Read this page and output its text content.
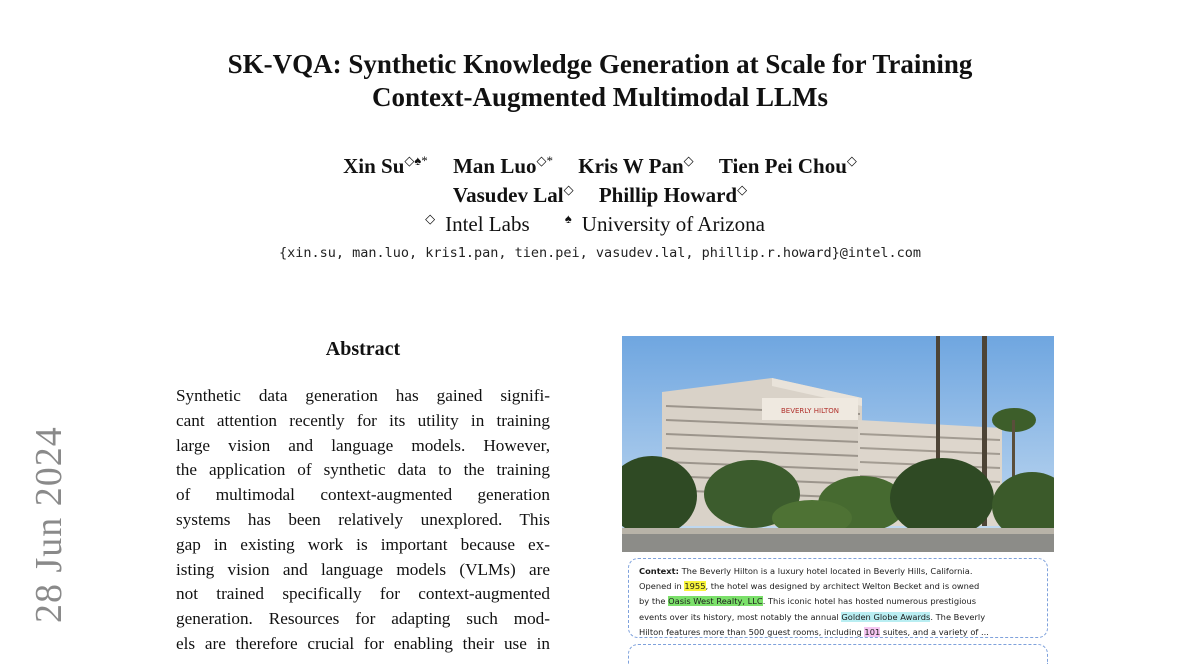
28 Jun 2024
SK-VQA: Synthetic Knowledge Generation at Scale for Training
Context-Augmented Multimodal LLMs
Xin Su◇♠* Man Luo◇* Kris W Pan◇ Tien Pei Chou◇
Vasudev Lal◇ Phillip Howard◇
◇ Intel Labs	♠ University of Arizona
{xin.su, man.luo, kris1.pan, tien.pei, vasudev.lal, phillip.r.howard}@intel.com
Abstract
Synthetic data generation has gained signifi-
cant attention recently for its utility in training
large vision and language models. However,
the application of synthetic data to the training
of multimodal context-augmented generation
systems has been relatively unexplored. This
gap in existing work is important because ex-
isting vision and language models (VLMs) are
not trained specifically for context-augmented
generation. Resources for adapting such mod-
els are therefore crucial for enabling their use in
BEVERLY HILTON
Context: The Beverly Hilton is a luxury hotel located in Beverly Hills, California.
Opened in 1955, the hotel was designed by architect Welton Becket and is owned
by the Oasis West Realty, LLC. This iconic hotel has hosted numerous prestigious
events over its history, most notably the annual Golden Globe Awards. The Beverly
Hilton features more than 500 guest rooms, including 101 suites, and a variety of ...
